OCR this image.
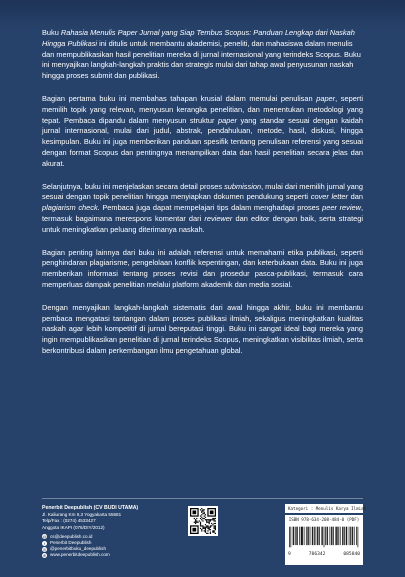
Buku Rahasia Menulis Paper Jurnal yang Siap Tembus Scopus: Panduan Lengkap dari Naskah Hingga Publikasi ini ditulis untuk membantu akademisi, peneliti, dan mahasiswa dalam menulis dan mempublikasikan hasil penelitian mereka di jurnal internasional yang terindeks Scopus. Buku ini menyajikan langkah-langkah praktis dan strategis mulai dari tahap awal penyusunan naskah hingga proses submit dan publikasi.

Bagian pertama buku ini membahas tahapan krusial dalam memulai penulisan paper, seperti memilih topik yang relevan, menyusun kerangka penelitian, dan menentukan metodologi yang tepat. Pembaca dipandu dalam menyusun struktur paper yang standar sesuai dengan kaidah jurnal internasional, mulai dari judul, abstrak, pendahuluan, metode, hasil, diskusi, hingga kesimpulan. Buku ini juga memberikan panduan spesifik tentang penulisan referensi yang sesuai dengan format Scopus dan pentingnya menampilkan data dan hasil penelitian secara jelas dan akurat.

Selanjutnya, buku ini menjelaskan secara detail proses submission, mulai dari memilih jurnal yang sesuai dengan topik penelitian hingga menyiapkan dokumen pendukung seperti cover letter dan plagiarism check. Pembaca juga dapat mempelajari tips dalam menghadapi proses peer review, termasuk bagaimana merespons komentar dari reviewer dan editor dengan baik, serta strategi untuk meningkatkan peluang diterimanya naskah.

Bagian penting lainnya dari buku ini adalah referensi untuk memahami etika publikasi, seperti penghindaran plagiarisme, pengelolaan konflik kepentingan, dan keterbukaan data. Buku ini juga memberikan informasi tentang proses revisi dan prosedur pasca-publikasi, termasuk cara memperluas dampak penelitian melalui platform akademik dan media sosial.

Dengan menyajikan langkah-langkah sistematis dari awal hingga akhir, buku ini membantu pembaca mengatasi tantangan dalam proses publikasi ilmiah, sekaligus meningkatkan kualitas naskah agar lebih kompetitif di jurnal bereputasi tinggi. Buku ini sangat ideal bagi mereka yang ingin mempublikasikan penelitian di jurnal terindeks Scopus, meningkatkan visibilitas ilmiah, serta berkontribusi dalam perkembangan ilmu pengetahuan global.

Penerbit Deepublish (CV BUDI UTAMA)
Jl. Kaliurang Km 9,3 Yogyakarta 55581
Telp/Fax : (0274) 4533427
Anggota IKAPI (076/DIY/2012)
@ cs@deepublish.co.id
f	Penerbit Deepublish
◎ @penerbitbuku_deepublish
⊕ www.penerbitdeepublish.com
Kategori : Menulis Karya Ilmiah
ISBN 978-634-208-484-0 (PDF)
9	786342	085840
